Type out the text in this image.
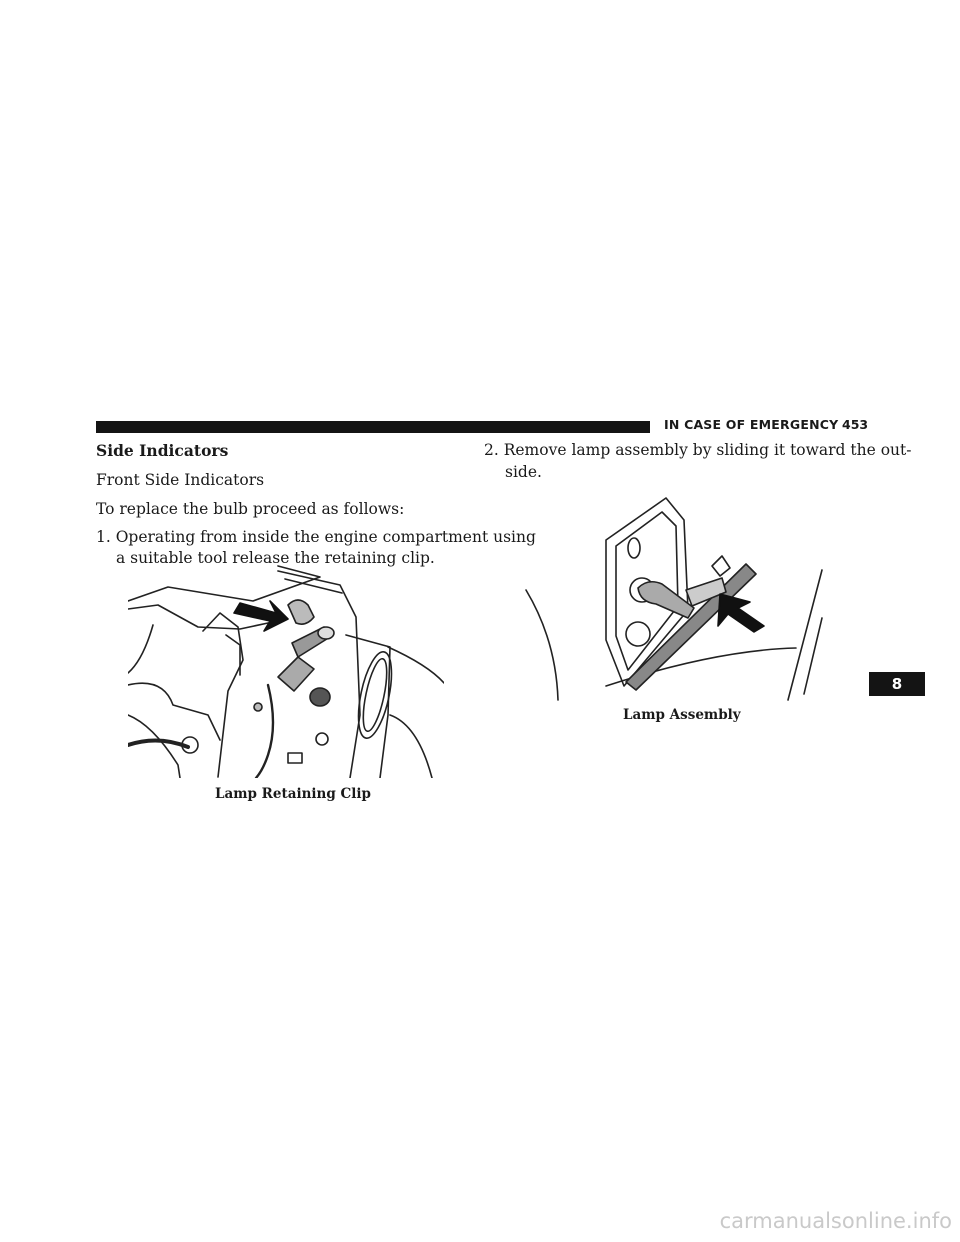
IN CASE OF EMERGENCY 453
Side Indicators
Front Side Indicators
To replace the bulb proceed as follows:
1. Operating from inside the engine compartment using
a suitable tool release the retaining clip.
Lamp Retaining Clip
2. Remove lamp assembly by sliding it toward the out-
side.
Lamp Assembly
8
carmanualsonline.info
